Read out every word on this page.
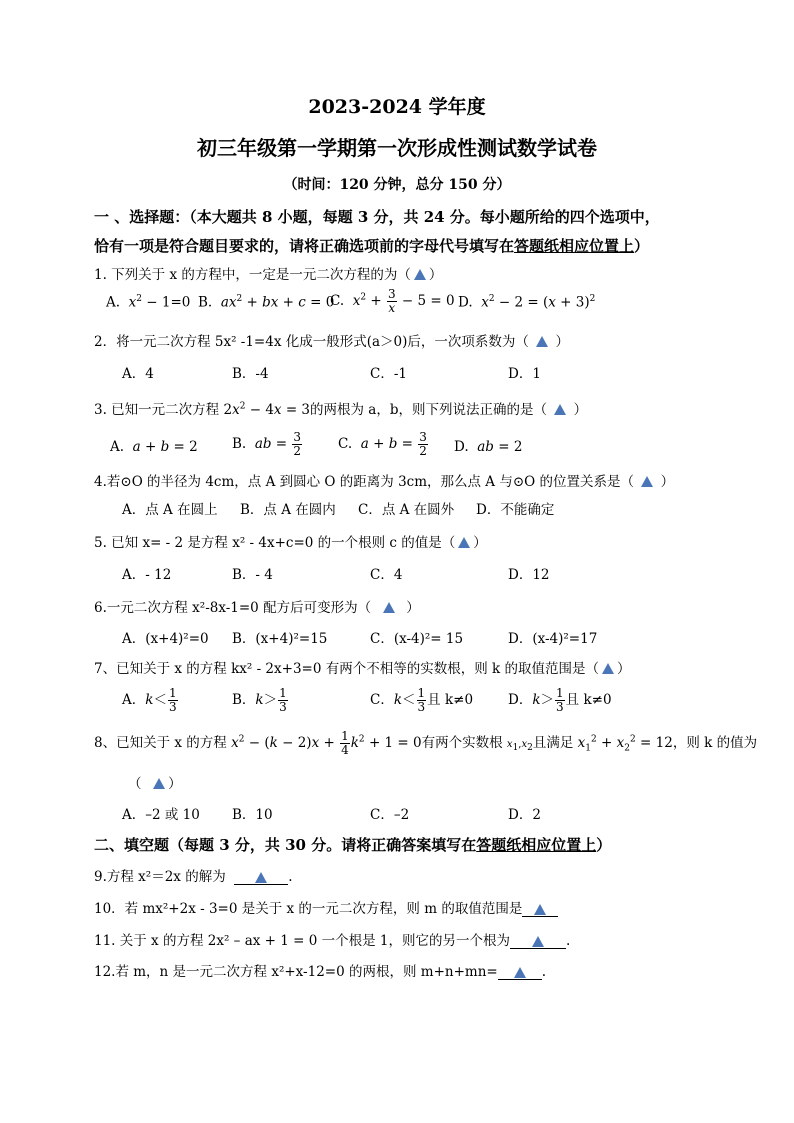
2023-2024 学年度
初三年级第一学期第一次形成性测试数学试卷
（时间：120 分钟，总分 150 分）
一 、选择题：（本大题共 8 小题，每题 3 分，共 24 分。每小题所给的四个选项中，
恰有一项是符合题目要求的，请将正确选项前的字母代号填写在答题纸相应位置上）
1. 下列关于 x 的方程中，一定是一元二次方程的为（ ）
A. $x^2 - 1=0$ B. $ax^2$ + bx + c = 0
C. $x^2 + \frac{3}{x} - 5 = 0$ D. $x^2 - 2 = (x + 3)^2$
2．将一元二次方程 5x² -1=4x 化成一般形式(a＞0)后，一次项系数为（ ）
A．4	B．-4	C．-1	D．1
3. 已知一元二次方程 $2x^2 - 4x = 3$的两根为 a，b，则下列说法正确的是（ ）
A. a + b = 2	B. ab = $\frac{3}{2}$	C. $a + b = \frac{3}{2} D$. ab = 2
4.若⊙O 的半径为 4cm，点 A 到圆心 O 的距离为 3cm，那么点 A 与⊙O 的位置关系是（ ）
A．点 A 在圆上 B．点 A 在圆内 C．点 A 在圆外 D．不能确定
5. 已知 x= - 2 是方程 x² - 4x+c=0 的一个根则 c 的值是（ ）
A．- 12	B．- 4	C．4	D．12
6.一元二次方程 x²-8x-1=0 配方后可变形为（	）
A．(x+4)²=0 B．(x+4)²=15	C．(x-4)²= 15	D．(x-4)²=17
7、已知关于 x 的方程 kx² - 2x+3=0 有两个不相等的实数根，则 k 的取值范围是（ ）
A．$k< \frac{1}{3}$	B．$k> \frac{1}{3}$	C．$k< \frac{1}{3}$ 且 k≠0	D．$k> \frac{1}{3}$ 且 k≠0
8、已知关于 x 的方程 $x^2 - (k - 2)x + \frac{1}{4} k^2 + 1 = 0$有两个实数根 $x_1,x_2$且满足 $x_1^2 + x_2^2 = 12$，则 k 的值为
（ ）
A．–2 或 10 B．10	C．–2	D．2
二、填空题（每题 3 分，共 30 分。请将正确答案填写在答题纸相应位置上）
9.方程 x²＝2x 的解为	.
10．若 mx²+2x - 3=0 是关于 x 的一元二次方程，则 m 的取值范围是
11. 关于 x 的方程 2x² – ax + 1 = 0 一个根是 1，则它的另一个根为	.
12.若 m，n 是一元二次方程 x²+x-12=0 的两根，则 m+n+mn=	.
